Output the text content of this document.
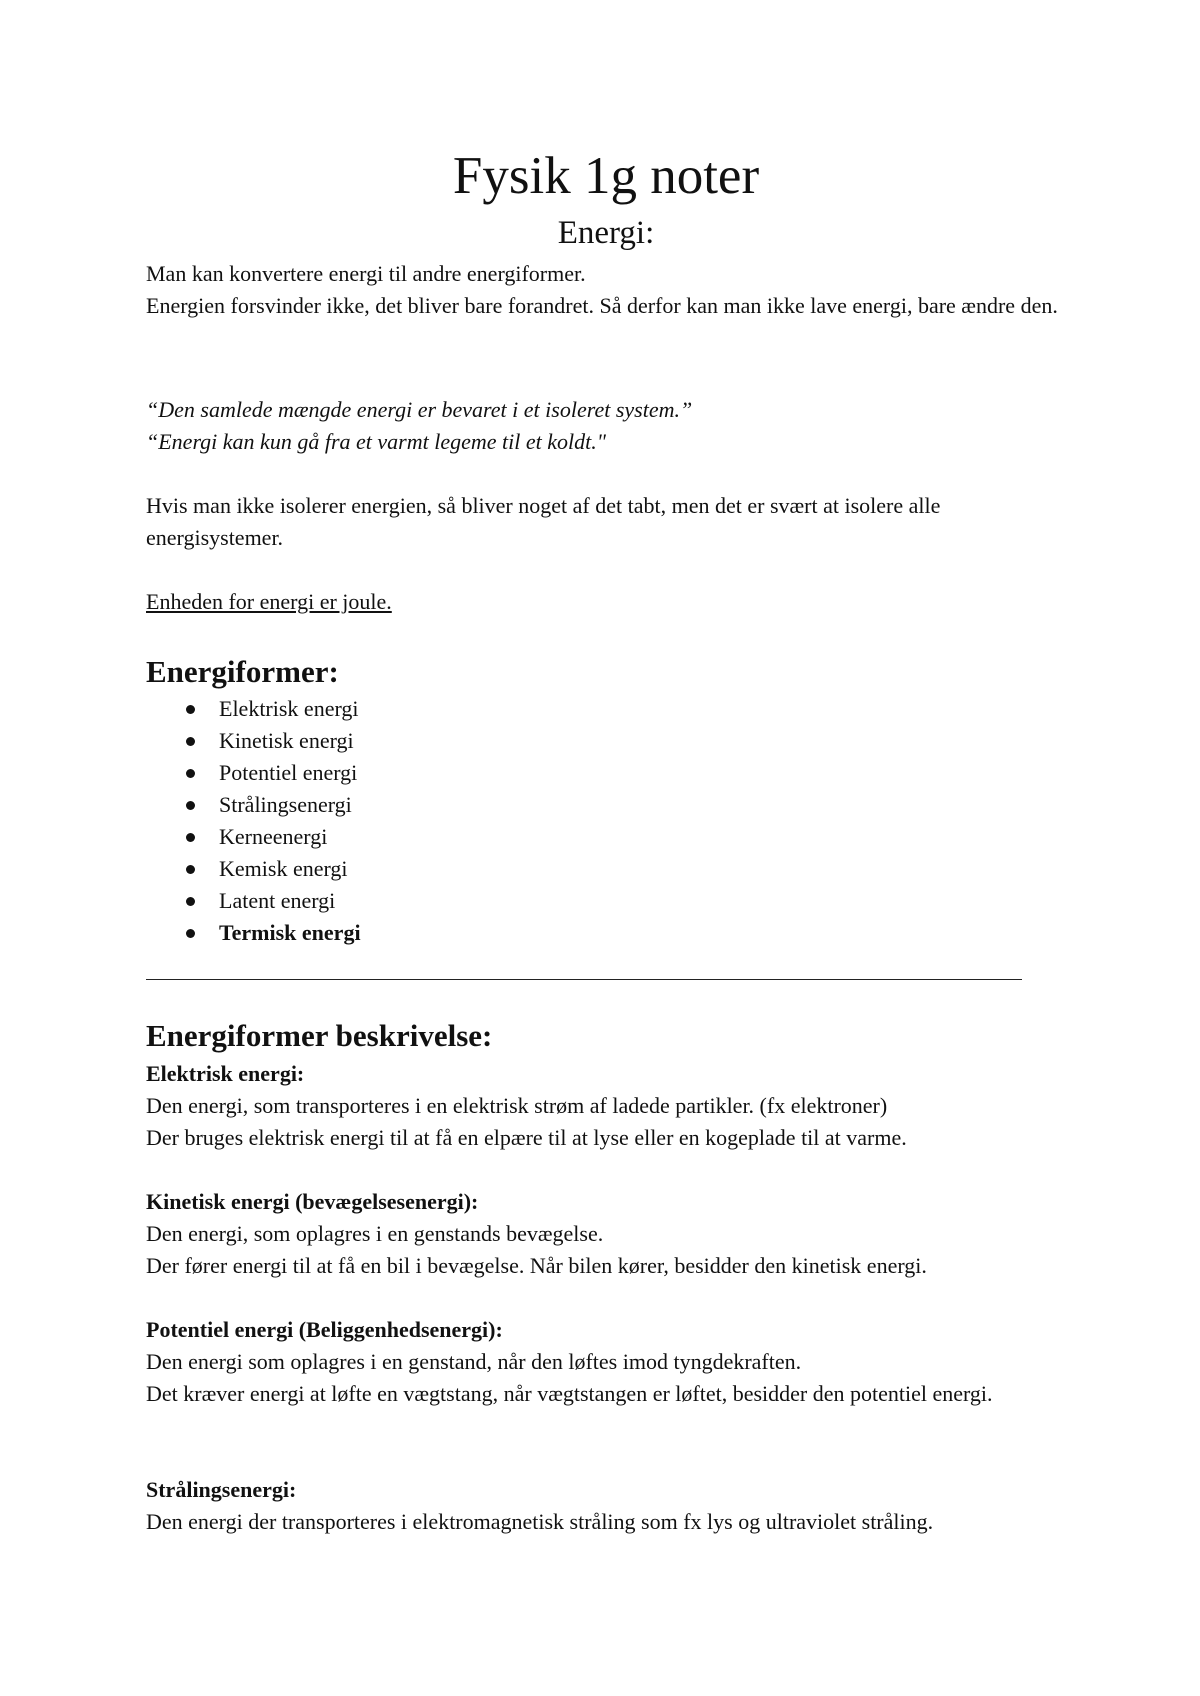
Fysik 1g noter
Energi:

Man kan konvertere energi til andre energiformer.

Energien forsvinder ikke, det bliver bare forandret. Så derfor kan man ikke lave energi, bare ændre den.

“Den samlede mængde energi er bevaret i et isoleret system.”

“Energi kan kun gå fra et varmt legeme til et koldt."

Hvis man ikke isolerer energien, så bliver noget af det tabt, men det er svært at isolere alle energisystemer.

Enheden for energi er joule.

Energiformer:
Elektrisk energi
Kinetisk energi
Potentiel energi
Strålingsenergi
Kerneenergi
Kemisk energi
Latent energi
Termisk energi
Energiformer beskrivelse:

Elektrisk energi:

Den energi, som transporteres i en elektrisk strøm af ladede partikler. (fx elektroner)

Der bruges elektrisk energi til at få en elpære til at lyse eller en kogeplade til at varme.

Kinetisk energi (bevægelsesenergi):

Den energi, som oplagres i en genstands bevægelse.

Der fører energi til at få en bil i bevægelse. Når bilen kører, besidder den kinetisk energi.

Potentiel energi (Beliggenhedsenergi):

Den energi som oplagres i en genstand, når den løftes imod tyngdekraften.

Det kræver energi at løfte en vægtstang, når vægtstangen er løftet, besidder den potentiel energi.

Strålingsenergi:

Den energi der transporteres i elektromagnetisk stråling som fx lys og ultraviolet stråling.
